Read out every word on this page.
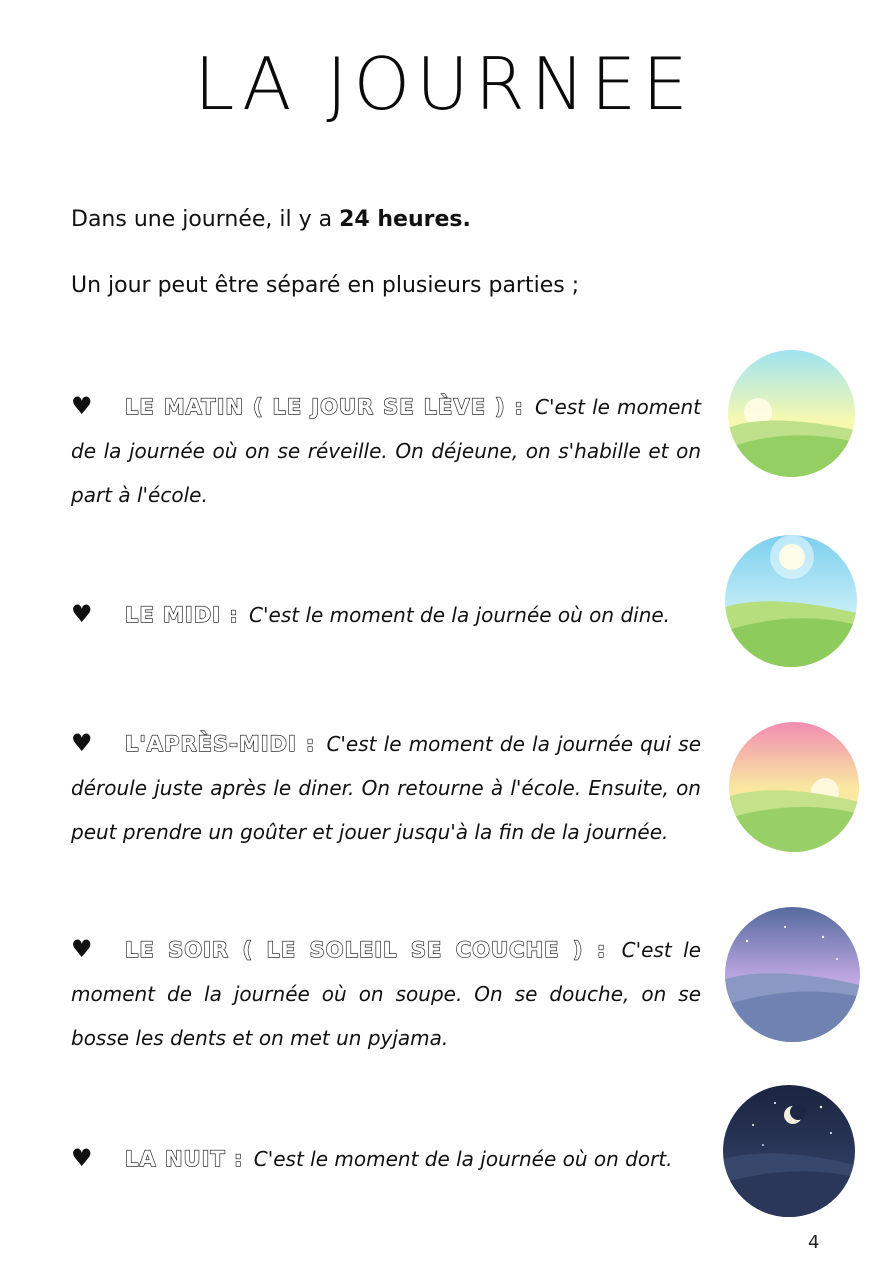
LA JOURNEE

Dans une journée, il y a 24 heures.

Un jour peut être séparé en plusieurs parties ;

♥ LE MATIN ( LE JOUR SE LÈVE ) : C'est le moment de la journée où on se réveille. On déjeune, on s'habille et on part à l'école.

♥ LE MIDI : C'est le moment de la journée où on dine.

♥ L'APRÈS-MIDI : C'est le moment de la journée qui se déroule juste après le diner. On retourne à l'école. Ensuite, on peut prendre un goûter et jouer jusqu'à la fin de la journée.

♥ LE SOIR ( LE SOLEIL SE COUCHE ) : C'est le moment de la journée où on soupe. On se douche, on se bosse les dents et on met un pyjama.

♥ LA NUIT : C'est le moment de la journée où on dort.

4
